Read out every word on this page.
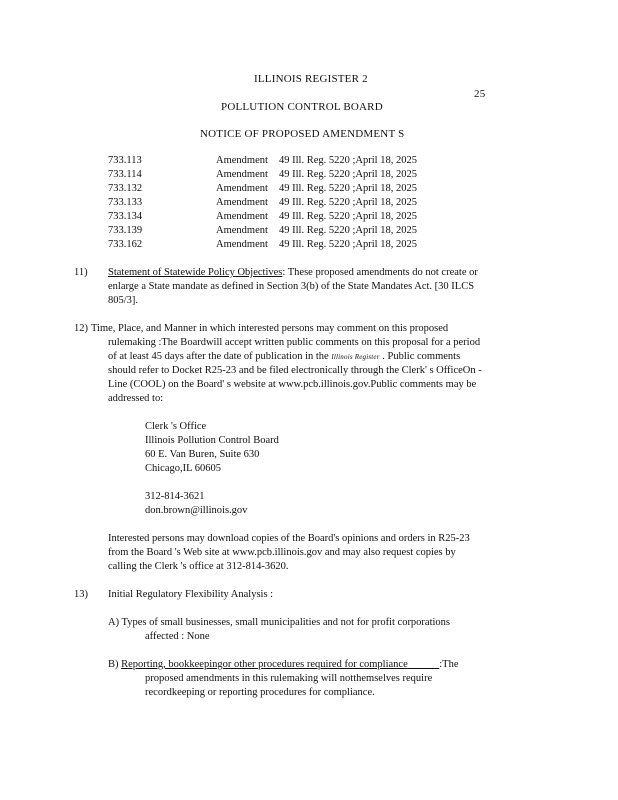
ILLINOIS REGISTER 2
25
POLLUTION CONTROL BOARD
NOTICE OF PROPOSED AMENDMENT S
733.113	Amendment	49 Ill. Reg. 5220 ;April 18, 2025
733.114	Amendment	49 Ill. Reg. 5220 ;April 18, 2025
733.132	Amendment	49 Ill. Reg. 5220 ;April 18, 2025
733.133	Amendment	49 Ill. Reg. 5220 ;April 18, 2025
733.134	Amendment	49 Ill. Reg. 5220 ;April 18, 2025
733.139	Amendment	49 Ill. Reg. 5220 ;April 18, 2025
733.162	Amendment	49 Ill. Reg. 5220 ;April 18, 2025
11) Statement of Statewide Policy Objectives: These proposed amendments do not create or
enlarge a State mandate as defined in Section 3(b) of the State Mandates Act. [30 ILCS
805/3].
12) Time, Place, and Manner in which interested persons may comment on this proposed
rulemaking :The Boardwill accept written public comments on this proposal for a period
of at least 45 days after the date of publication in the Illinois Register . Public comments
should refer to Docket R25-23 and be filed electronically through the Clerk' s OfficeOn -
Line (COOL) on the Board' s website at www.pcb.illinois.gov.Public comments may be
addressed to:
Clerk 's Office
Illinois Pollution Control Board
60 E. Van Buren, Suite 630
Chicago,IL 60605
312-814-3621
don.brown@illinois.gov
Interested persons may download copies of the Board's opinions and orders in R25-23
from the Board 's Web site at www.pcb.illinois.gov and may also request copies by
calling the Clerk 's office at 312-814-3620.
13) Initial Regulatory Flexibility Analysis :
A) Types of small businesses, small municipalities and not for profit corporations
affected : None
B) Reporting, bookkeepingor other procedures required for compliance	:The
proposed amendments in this rulemaking will notthemselves require
recordkeeping or reporting procedures for compliance.
